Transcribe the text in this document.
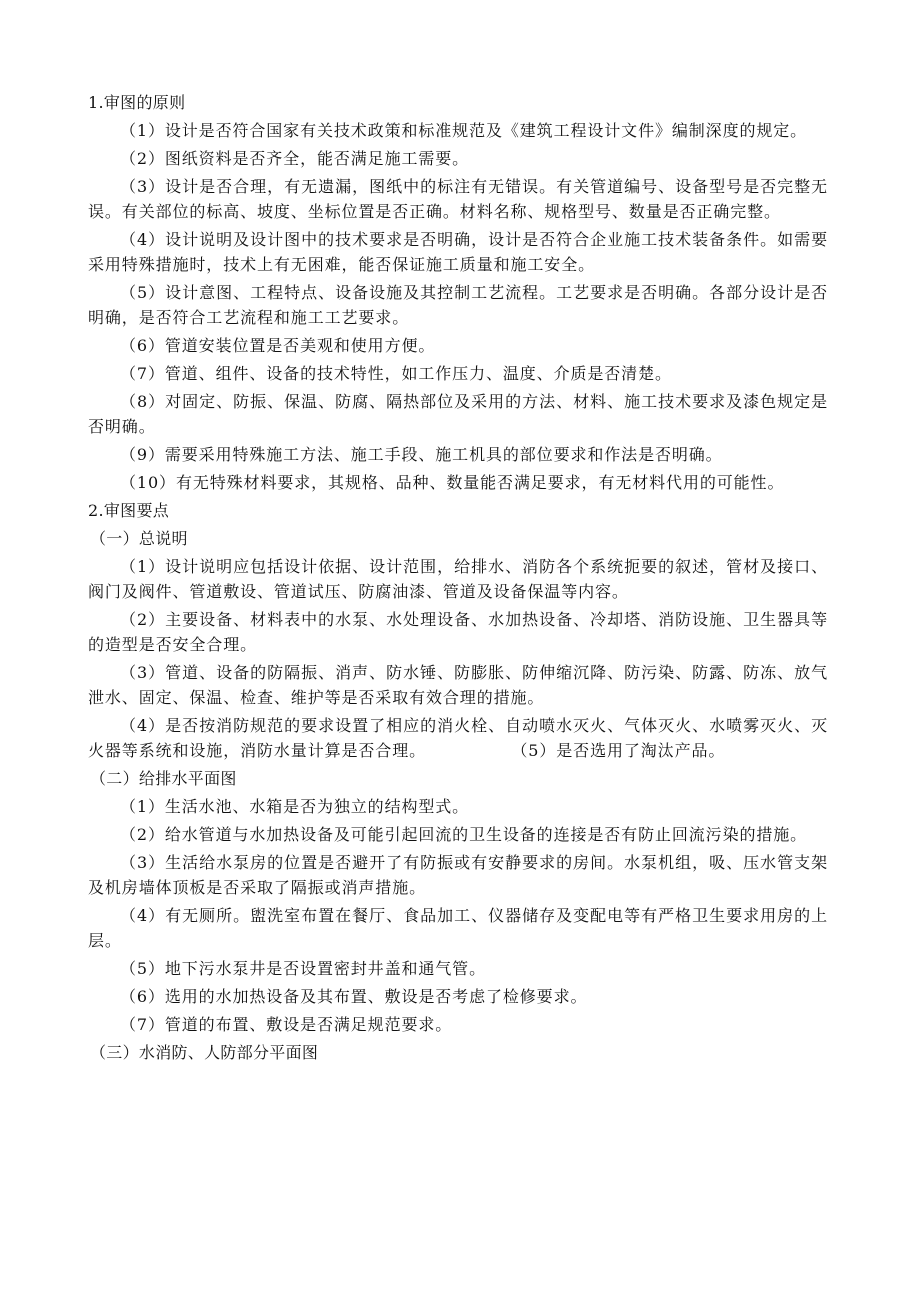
1.审图的原则

（1）设计是否符合国家有关技术政策和标准规范及《建筑工程设计文件》编制深度的规定。

（2）图纸资料是否齐全，能否满足施工需要。

（3）设计是否合理，有无遗漏，图纸中的标注有无错误。有关管道编号、设备型号是否完整无误。有关部位的标高、坡度、坐标位置是否正确。材料名称、规格型号、数量是否正确完整。

（4）设计说明及设计图中的技术要求是否明确，设计是否符合企业施工技术装备条件。如需要采用特殊措施时，技术上有无困难，能否保证施工质量和施工安全。

（5）设计意图、工程特点、设备设施及其控制工艺流程。工艺要求是否明确。各部分设计是否明确，是否符合工艺流程和施工工艺要求。

（6）管道安装位置是否美观和使用方便。

（7）管道、组件、设备的技术特性，如工作压力、温度、介质是否清楚。

（8）对固定、防振、保温、防腐、隔热部位及采用的方法、材料、施工技术要求及漆色规定是否明确。

（9）需要采用特殊施工方法、施工手段、施工机具的部位要求和作法是否明确。

（10）有无特殊材料要求，其规格、品种、数量能否满足要求，有无材料代用的可能性。

2.审图要点
（一）总说明

（1）设计说明应包括设计依据、设计范围，给排水、消防各个系统扼要的叙述，管材及接口、阀门及阀件、管道敷设、管道试压、防腐油漆、管道及设备保温等内容。

（2）主要设备、材料表中的水泵、水处理设备、水加热设备、冷却塔、消防设施、卫生器具等的造型是否安全合理。

（3）管道、设备的防隔振、消声、防水锤、防膨胀、防伸缩沉降、防污染、防露、防冻、放气泄水、固定、保温、检查、维护等是否采取有效合理的措施。

（4）是否按消防规范的要求设置了相应的消火栓、自动喷水灭火、气体灭火、水喷雾灭火、灭火器等系统和设施，消防水量计算是否合理。　　　　　　（5）是否选用了淘汰产品。

（二）给排水平面图

（1）生活水池、水箱是否为独立的结构型式。

（2）给水管道与水加热设备及可能引起回流的卫生设备的连接是否有防止回流污染的措施。

（3）生活给水泵房的位置是否避开了有防振或有安静要求的房间。水泵机组，吸、压水管支架及机房墙体顶板是否采取了隔振或消声措施。

（4）有无厕所。盥洗室布置在餐厅、食品加工、仪器储存及变配电等有严格卫生要求用房的上层。

（5）地下污水泵井是否设置密封井盖和通气管。

（6）选用的水加热设备及其布置、敷设是否考虑了检修要求。

（7）管道的布置、敷设是否满足规范要求。

（三）水消防、人防部分平面图
